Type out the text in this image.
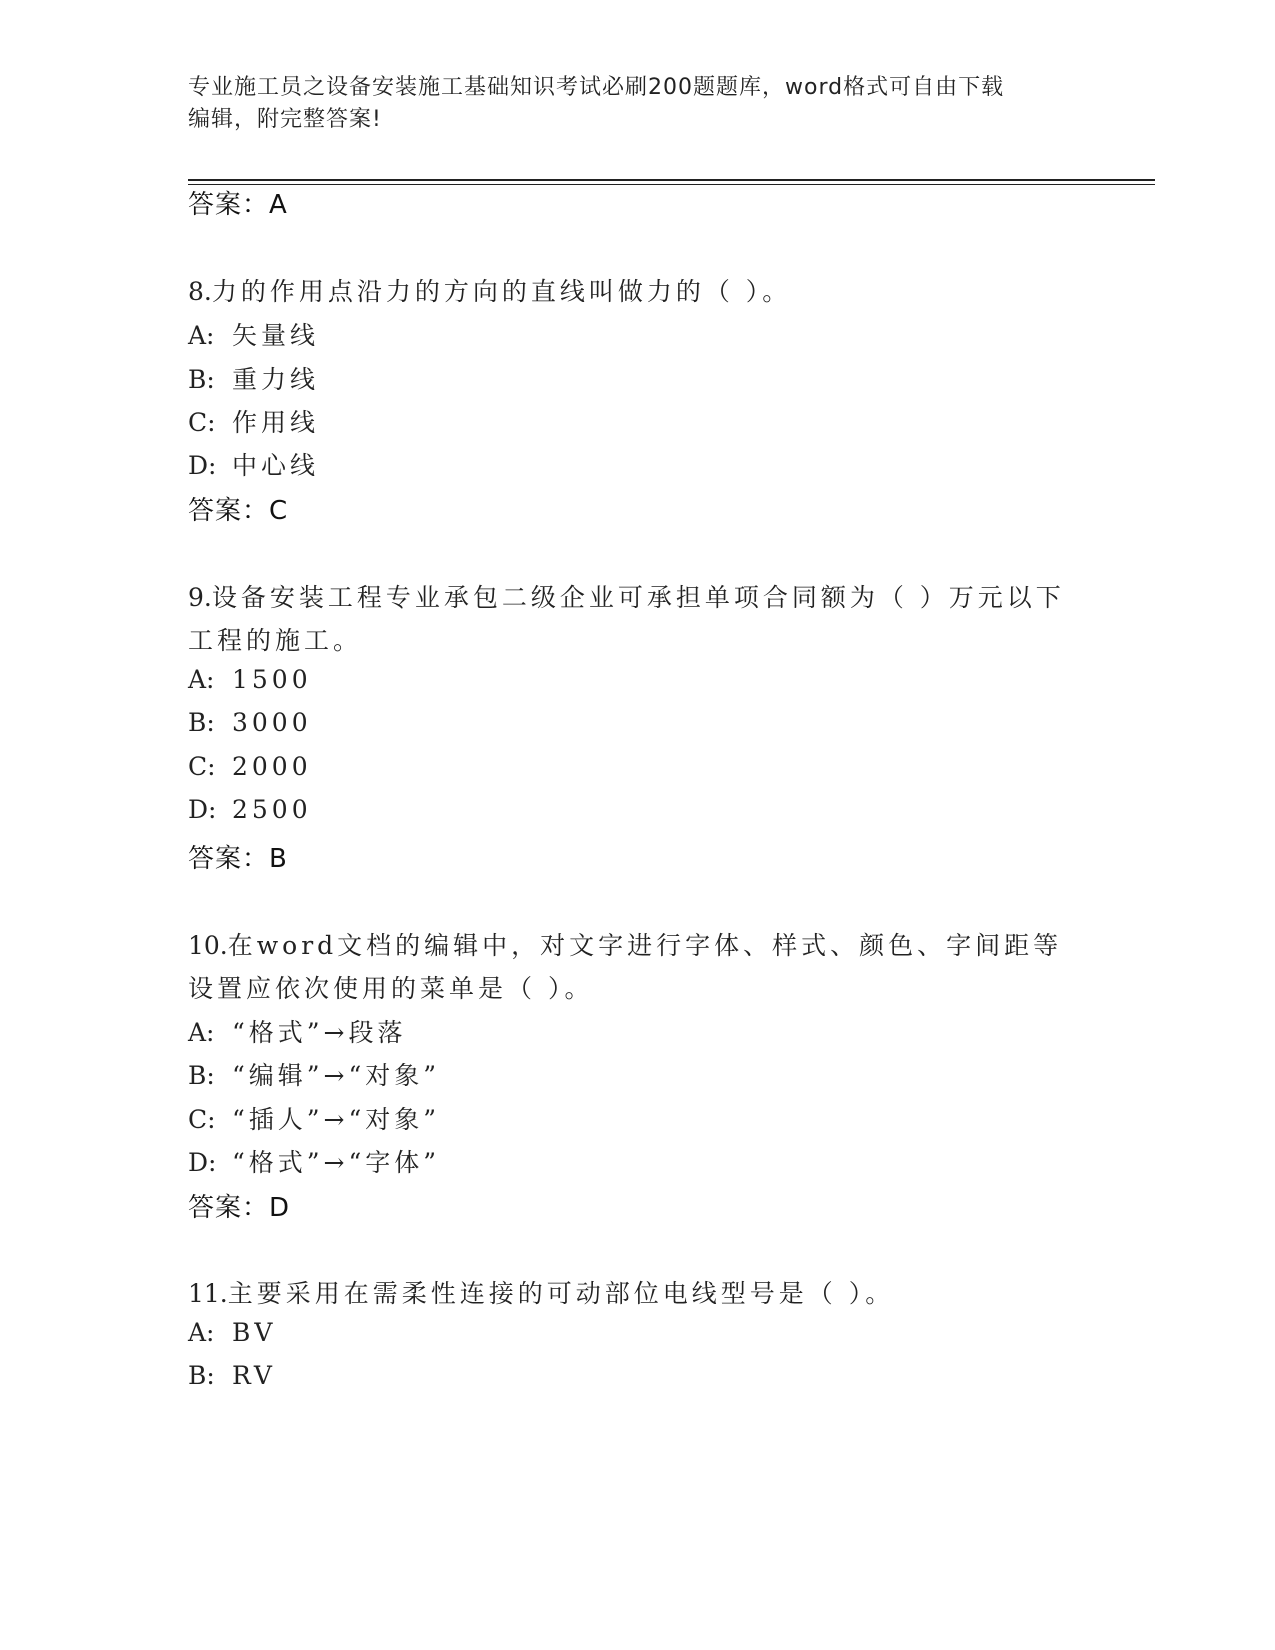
专业施工员之设备安装施工基础知识考试必刷200题题库，word格式可自由下载
编辑，附完整答案!
答案：A
8.力的作用点沿力的方向的直线叫做力的（ ）。
A: 矢量线
B: 重力线
C: 作用线
D: 中心线
答案：C
9.设备安装工程专业承包二级企业可承担单项合同额为（ ）万元以下
工程的施工。
A: 1500
B: 3000
C: 2000
D: 2500
答案：B
10.在word文档的编辑中，对文字进行字体、样式、颜色、字间距等
设置应依次使用的菜单是（ ）。
A: “格式”→段落
B: “编辑”→“对象”
C: “插人”→“对象”
D: “格式”→“字体”
答案：D
11.主要采用在需柔性连接的可动部位电线型号是（ ）。
A: BV
B: RV
